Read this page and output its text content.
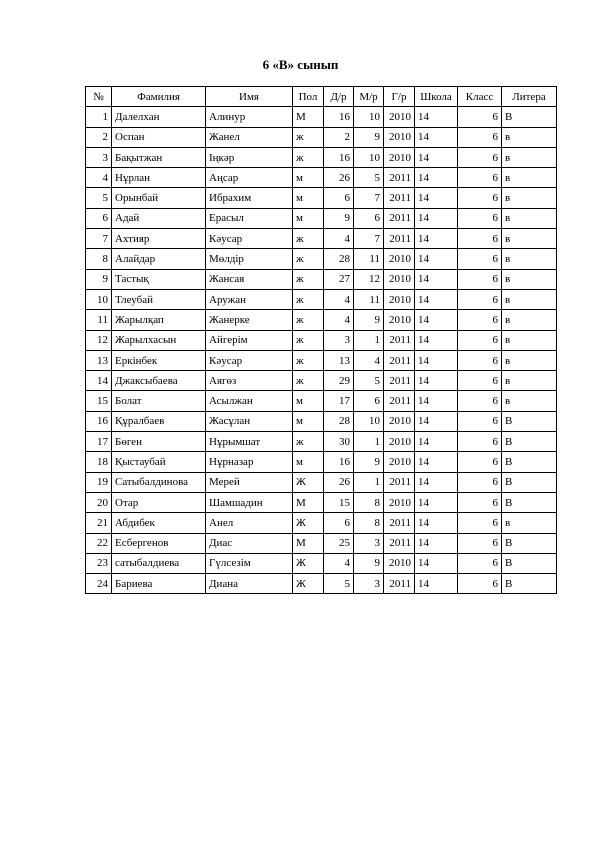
6 «В» сынып
№	Фамилия	Имя	Пол	Д/р	М/р	Г/р	Школа	Класс	Литера
1	Далелхан	Алинур	М	16	10	2010	14	6	В
2	Оспан	Жанел	ж	2	9	2010	14	6	в
3	Бақытжан	Іңкәр	ж	16	10	2010	14	6	в
4	Нұрлан	Аңсар	м	26	5	2011	14	6	в
5	Орынбай	Ибрахим	м	6	7	2011	14	6	в
6	Адай	Ерасыл	м	9	6	2011	14	6	в
7	Ахтияр	Кәусар	ж	4	7	2011	14	6	в
8	Алайдар	Мөлдір	ж	28	11	2010	14	6	в
9	Тастық	Жансая	ж	27	12	2010	14	6	в
10	Тлеубай	Аружан	ж	4	11	2010	14	6	в
11	Жарылқап	Жанерке	ж	4	9	2010	14	6	в
12	Жарылхасын	Айгерім	ж	3	1	2011	14	6	в
13	Еркінбек	Кәусар	ж	13	4	2011	14	6	в
14	Джаксыбаева	Аягөз	ж	29	5	2011	14	6	в
15	Болат	Асылжан	м	17	6	2011	14	6	в
16	Құралбаев	Жасұлан	м	28	10	2010	14	6	В
17	Бөген	Нұрымшат	ж	30	1	2010	14	6	В
18	Қыстаубай	Нұрназар	м	16	9	2010	14	6	В
19	Сатыбалдинова	Мерей	Ж	26	1	2011	14	6	В
20	Отар	Шамшадин	М	15	8	2010	14	6	В
21	Абдибек	Анел	Ж	6	8	2011	14	6	в
22	Есбергенов	Диас	М	25	3	2011	14	6	В
23	сатыбалдиева	Гүлсезім	Ж	4	9	2010	14	6	В
24	Бариева	Диана	Ж	5	3	2011	14	6	В
